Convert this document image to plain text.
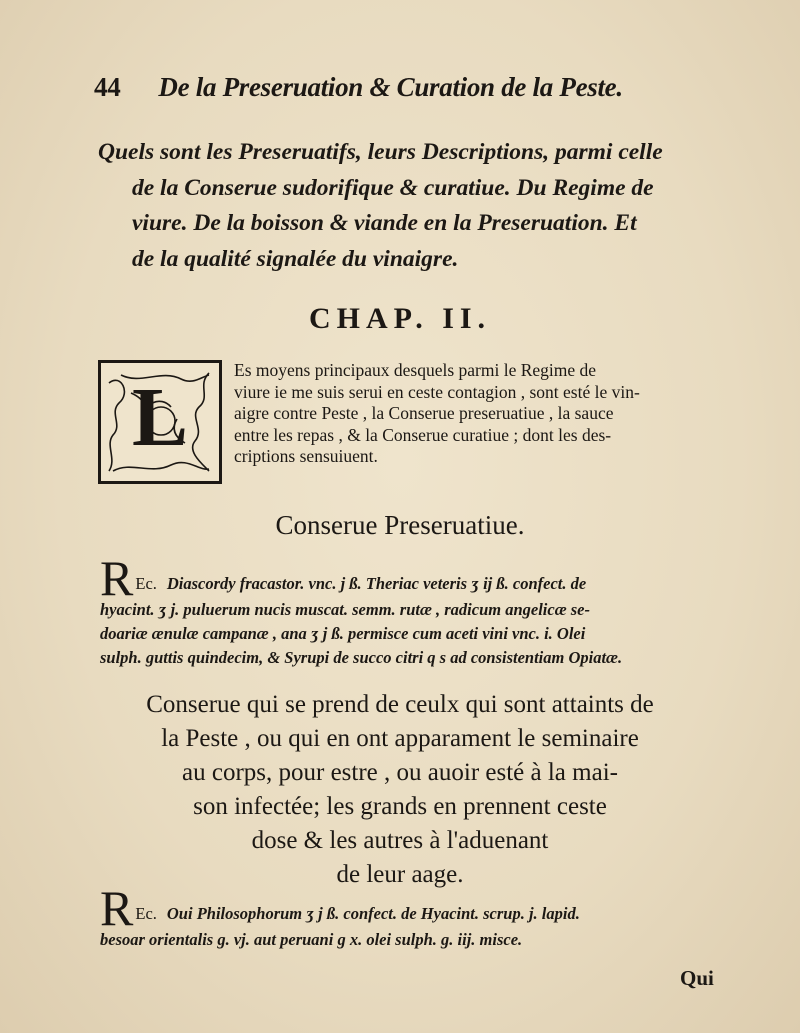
44 De la Preseruation & Curation de la Peste.
Quels sont les Preseruatifs, leurs Descriptions, parmi celle
de la Conserue sudorifique & curatiue. Du Regime de
viure. De la boisson & viande en la Preseruation. Et
de la qualité signalée du vinaigre.
CHAP. II.
L
Es moyens principaux desquels parmi le Regime de
viure ie me suis serui en ceste contagion , sont esté le vin-
aigre contre Peste , la Conserue preseruatiue , la sauce
entre les repas , & la Conserue curatiue ; dont les des-
criptions sensuiuent.
Conserue Preseruatiue.
R Ec. Diascordy fracastor. vnc. j ß. Theriac veteris ʒ ij ß. confect. de
hyacint. ʒ j. puluerum nucis muscat. semm. rutæ , radicum angelicæ se-
doariæ ænulæ campanæ , ana ʒ j ß. permisce cum aceti vini vnc. i. Olei
sulph. guttis quindecim, & Syrupi de succo citri q s ad consistentiam Opiatæ.
Conserue qui se prend de ceulx qui sont attaints de
la Peste , ou qui en ont apparament le seminaire
au corps, pour estre , ou auoir esté à la mai-
son infectée; les grands en prennent ceste
dose & les autres à l'aduenant
de leur aage.
R Ec. Oui Philosophorum ʒ j ß. confect. de Hyacint. scrup. j. lapid.
besoar orientalis g. vj. aut peruani g x. olei sulph. g. iij. misce.
Qui
